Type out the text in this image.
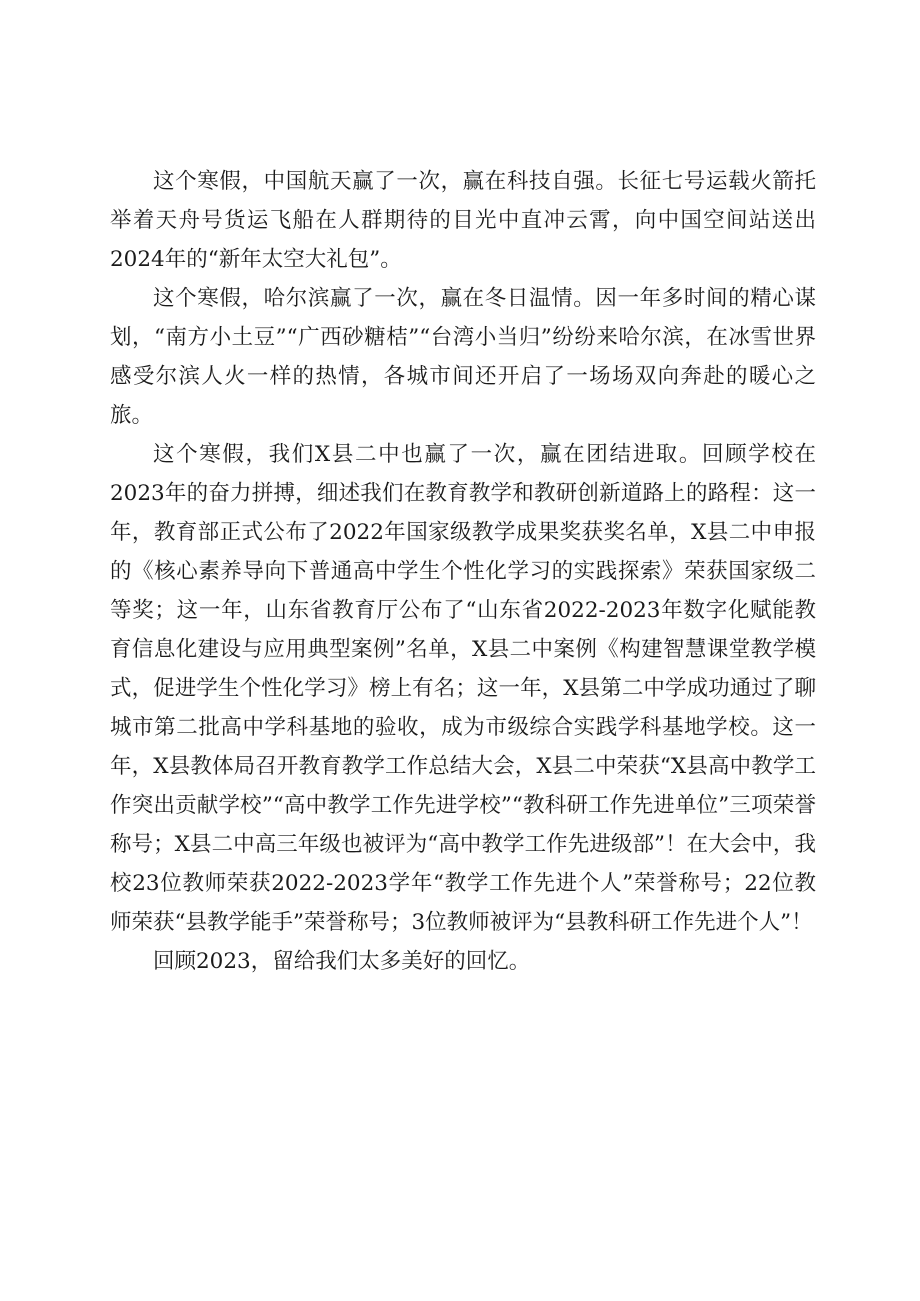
这个寒假，中国航天赢了一次，赢在科技自强。长征七号运载火箭托举着天舟号货运飞船在人群期待的目光中直冲云霄，向中国空间站送出2024年的“新年太空大礼包”。

这个寒假，哈尔滨赢了一次，赢在冬日温情。因一年多时间的精心谋划，“南方小土豆”“广西砂糖桔”“台湾小当归”纷纷来哈尔滨，在冰雪世界感受尔滨人火一样的热情，各城市间还开启了一场场双向奔赴的暖心之旅。

这个寒假，我们X县二中也赢了一次，赢在团结进取。回顾学校在2023年的奋力拼搏，细述我们在教育教学和教研创新道路上的路程：这一年，教育部正式公布了2022年国家级教学成果奖获奖名单，X县二中申报的《核心素养导向下普通高中学生个性化学习的实践探索》荣获国家级二等奖；这一年，山东省教育厅公布了“山东省2022-2023年数字化赋能教育信息化建设与应用典型案例”名单，X县二中案例《构建智慧课堂教学模式，促进学生个性化学习》榜上有名；这一年，X县第二中学成功通过了聊城市第二批高中学科基地的验收，成为市级综合实践学科基地学校。这一年，X县教体局召开教育教学工作总结大会，X县二中荣获“X县高中教学工作突出贡献学校”“高中教学工作先进学校”“教科研工作先进单位”三项荣誉称号；X县二中高三年级也被评为“高中教学工作先进级部”！在大会中，我校23位教师荣获2022-2023学年“教学工作先进个人”荣誉称号；22位教师荣获“县教学能手”荣誉称号；3位教师被评为“县教科研工作先进个人”！

回顾2023，留给我们太多美好的回忆。
